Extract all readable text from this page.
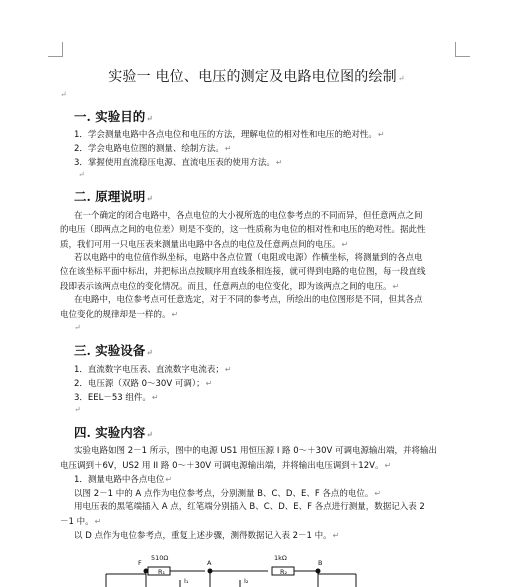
实验一 电位、电压的测定及电路电位图的绘制↵
↵
一. 实验目的↵
1．学会测量电路中各点电位和电压的方法，理解电位的相对性和电压的绝对性。↵
2．学会电路电位图的测量、绘制方法。↵
3．掌握使用直流稳压电源、直流电压表的使用方法。↵
↵
二. 原理说明↵
在一个确定的闭合电路中，各点电位的大小视所选的电位参考点的不同而异，但任意两点之间
的电压（即两点之间的电位差）则是不变的，这一性质称为电位的相对性和电压的绝对性。据此性
质，我们可用一只电压表来测量出电路中各点的电位及任意两点间的电压。↵
若以电路中的电位值作纵坐标，电路中各点位置（电阻或电源）作横坐标，将测量到的各点电
位在该坐标平面中标出，并把标出点按顺序用直线条相连接，就可得到电路的电位图，每一段直线
段即表示该两点电位的变化情况。而且，任意两点的电位变化，即为该两点之间的电压。↵
在电路中，电位参考点可任意选定，对于不同的参考点，所绘出的电位图形是不同，但其各点
电位变化的规律却是一样的。↵
↵
三. 实验设备↵
1．直流数字电压表、直流数字电流表；↵
2．电压源（双路 0～30V 可调）；↵
3．EEL－53 组件。↵
↵
四. 实验内容↵
实验电路如图 2－1 所示，图中的电源 US1 用恒压源 I 路 0～＋30V 可调电源输出端，并将输出
电压调到＋6V，US2 用 II 路 0～＋30V 可调电源输出端，并将输出电压调到＋12V。↵
1．测量电路中各点电位↵
以图 2－1 中的 A 点作为电位参考点，分别测量 B、C、D、E、F 各点的电位。↵
用电压表的黑笔端插入 A 点，红笔端分别插入 B、C、D、E、F 各点进行测量，数据记入表 2
－1 中。↵
以 D 点作为电位参考点，重复上述步骤，测得数据记入表 2－1 中。↵
510Ω	1kΩ
R₁	R₂
F	A	B
I₁	I₂
